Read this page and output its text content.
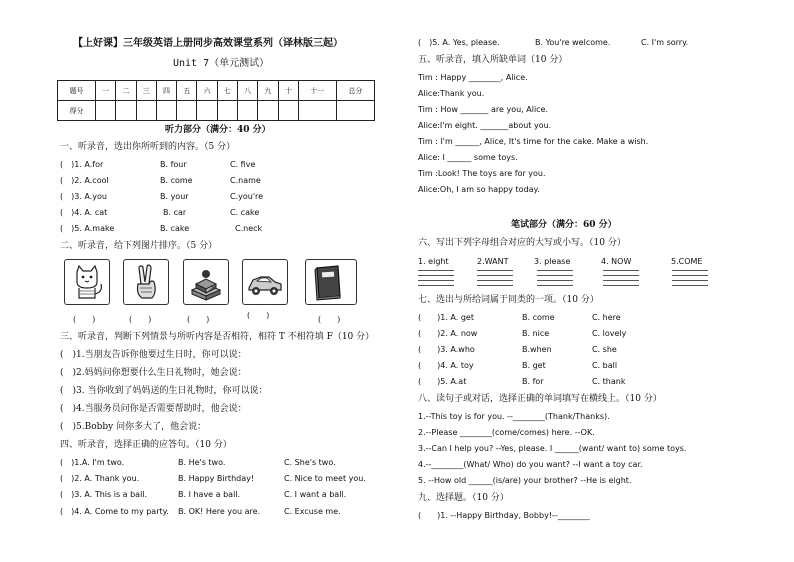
【上好课】三年级英语上册同步高效课堂系列（译林版三起）
Unit 7（单元测试）
题号	一	二	三	四	五	六	七	八	九	十	十一	总分
得分												
听力部分（满分：40 分）
一、听录音，选出你所听到的内容。（5 分）
(　)1. A.for	B. four	C. five
(　)2. A.cool	B. come	C.name
(　)3. A.you	B. your	C.you're
(　)4. A. cat	B. car	C. cake
(　)5. A.make	B. cake	C.neck
二、听录音，给下列图片排序。（5 分）
(　　)	(　　)	(　　)	(　　)	(　　)
三、听录音，判断下列情景与所听内容是否相符，相符 T 不相符填 F（10 分）
(　)1.当朋友告诉你他要过生日时，你可以说：
(　)2.妈妈问你想要什么生日礼物时，她会说：
(　)3. 当你收到了妈妈送的生日礼物时，你可以说：
(　)4.当服务员问你是否需要帮助时，他会说：
(　)5.Bobby 问你多大了，他会说：
四、听录音，选择正确的应答句。（10 分）
(　)1.A. I'm two.	B. He's two.	C. She's two.
(　)2. A. Thank you.	B. Happy Birthday!	C. Nice to meet you.
(　)3. A. This is a ball.	B. I have a ball.	C. I want a ball.
(　)4. A. Come to my party. B. OK! Here you are.	C. Excuse me.
(　)5. A. Yes, please.	B. You're welcome.	C. I'm sorry.
五、听录音，填入所缺单词（10 分）
Tim : Happy ________, Alice.
Alice:Thank you.
Tim : How _______ are you, Alice.
Alice:I'm eight. _______about you.
Tim : I'm ______, Alice, It's time for the cake. Make a wish.
Alice: I ______ some toys.
Tim :Look! The toys are for you.
Alice:Oh, I am so happy today.
笔试部分（满分：60 分）
六、写出下列字母组合对应的大写或小写。（10 分）
1. eight	2.WANT	3. please	4. NOW	5.COME
七、选出与所给词属于同类的一项。（10 分）
(　　)1. A. get	B. come	C. here
(　　)2. A. now	B. nice	C. lovely
(　　)3. A.who	B.when	C. she
(　　)4. A. toy	B. get	C. ball
(　　)5. A.at	B. for	C. thank
八、读句子或对话，选择正确的单词填写在横线上。（10 分）
1.--This toy is for you. --________(Thank/Thanks).
2.--Please ________(come/comes) here. --OK.
3.--Can I help you? --Yes, please. I ______(want/ want to) some toys.
4.--________(What/ Who) do you want? --I want a toy car.
5. --How old ______(is/are) your brother? --He is eight.
九、选择题。（10 分）
(　　)1. --Happy Birthday, Bobby!--________
